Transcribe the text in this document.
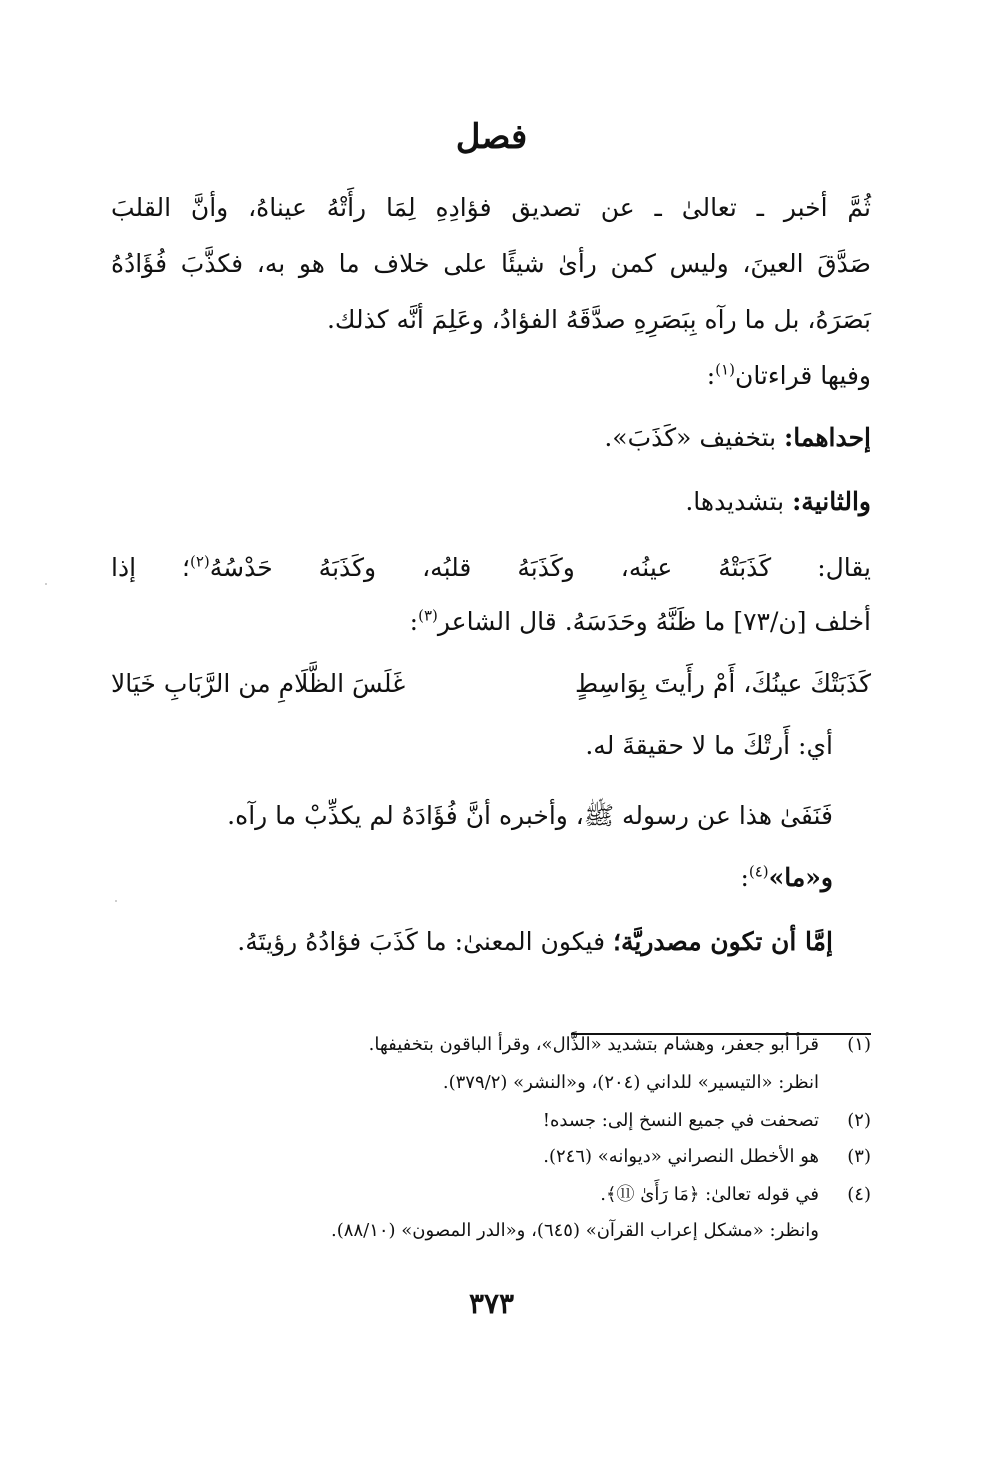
فصل
ثُمَّ أخبر ـ تعالىٰ ـ عن تصديق فؤادِهِ لِمَا رأَتْهُ عيناهُ، وأنَّ القلبَ
صَدَّقَ العينَ، وليس كمن رأىٰ شيئًا على خلاف ما هو به، فكذَّبَ فُؤَادُهُ
بَصَرَهُ، بل ما رآه بِبَصَرِهِ صدَّقَهُ الفؤادُ، وعَلِمَ أنَّه كذلك.
وفيها قراءتان$^{(١)}$:
إحداهما: بتخفيف «كَذَبَ».
والثانية: بتشديدها.
يقال: كَذَبَتْهُ عينُه، وكَذَبَهُ قلبُه، وكَذَبَهُ حَدْسُهُ$^{(٢)}$؛ إذا
أخلف [ن/٧٣] ما ظَنَّهُ وحَدَسَهُ. قال الشاعر$^{(٣)}$:
كَذَبَتْكَ عينُكَ، أَمْ رأَيتَ بِوَاسِطٍ
غَلَسَ الظَّلَامِ من الرَّبَابِ خَيَالا
أي: أَرتْكَ ما لا حقيقةَ له.
فَنَفَىٰ هذا عن رسوله ﷺ، وأخبره أنَّ فُؤَادَهُ لم يكذِّبْ ما رآه.
و«ما»$^{(٤)}$:
إمَّا أن تكون مصدريَّة؛ فيكون المعنىٰ: ما كَذَبَ فؤادُهُ رؤيتَهُ.
(١)
قرأ أبو جعفر، وهشام بتشديد «الذَّال»، وقرأ الباقون بتخفيفها.
انظر: «التيسير» للداني (٢٠٤)، و«النشر» (٣٧٩/٢).
(٢)
تصحفت في جميع النسخ إلى: جسده!
(٣)
هو الأخطل النصراني «ديوانه» (٢٤٦).
(٤)
في قوله تعالىٰ: ﴿مَا رَأَىٰ ⑪﴾.
وانظر: «مشكل إعراب القرآن» (٦٤٥)، و«الدر المصون» (٨٨/١٠).
٣٧٣
